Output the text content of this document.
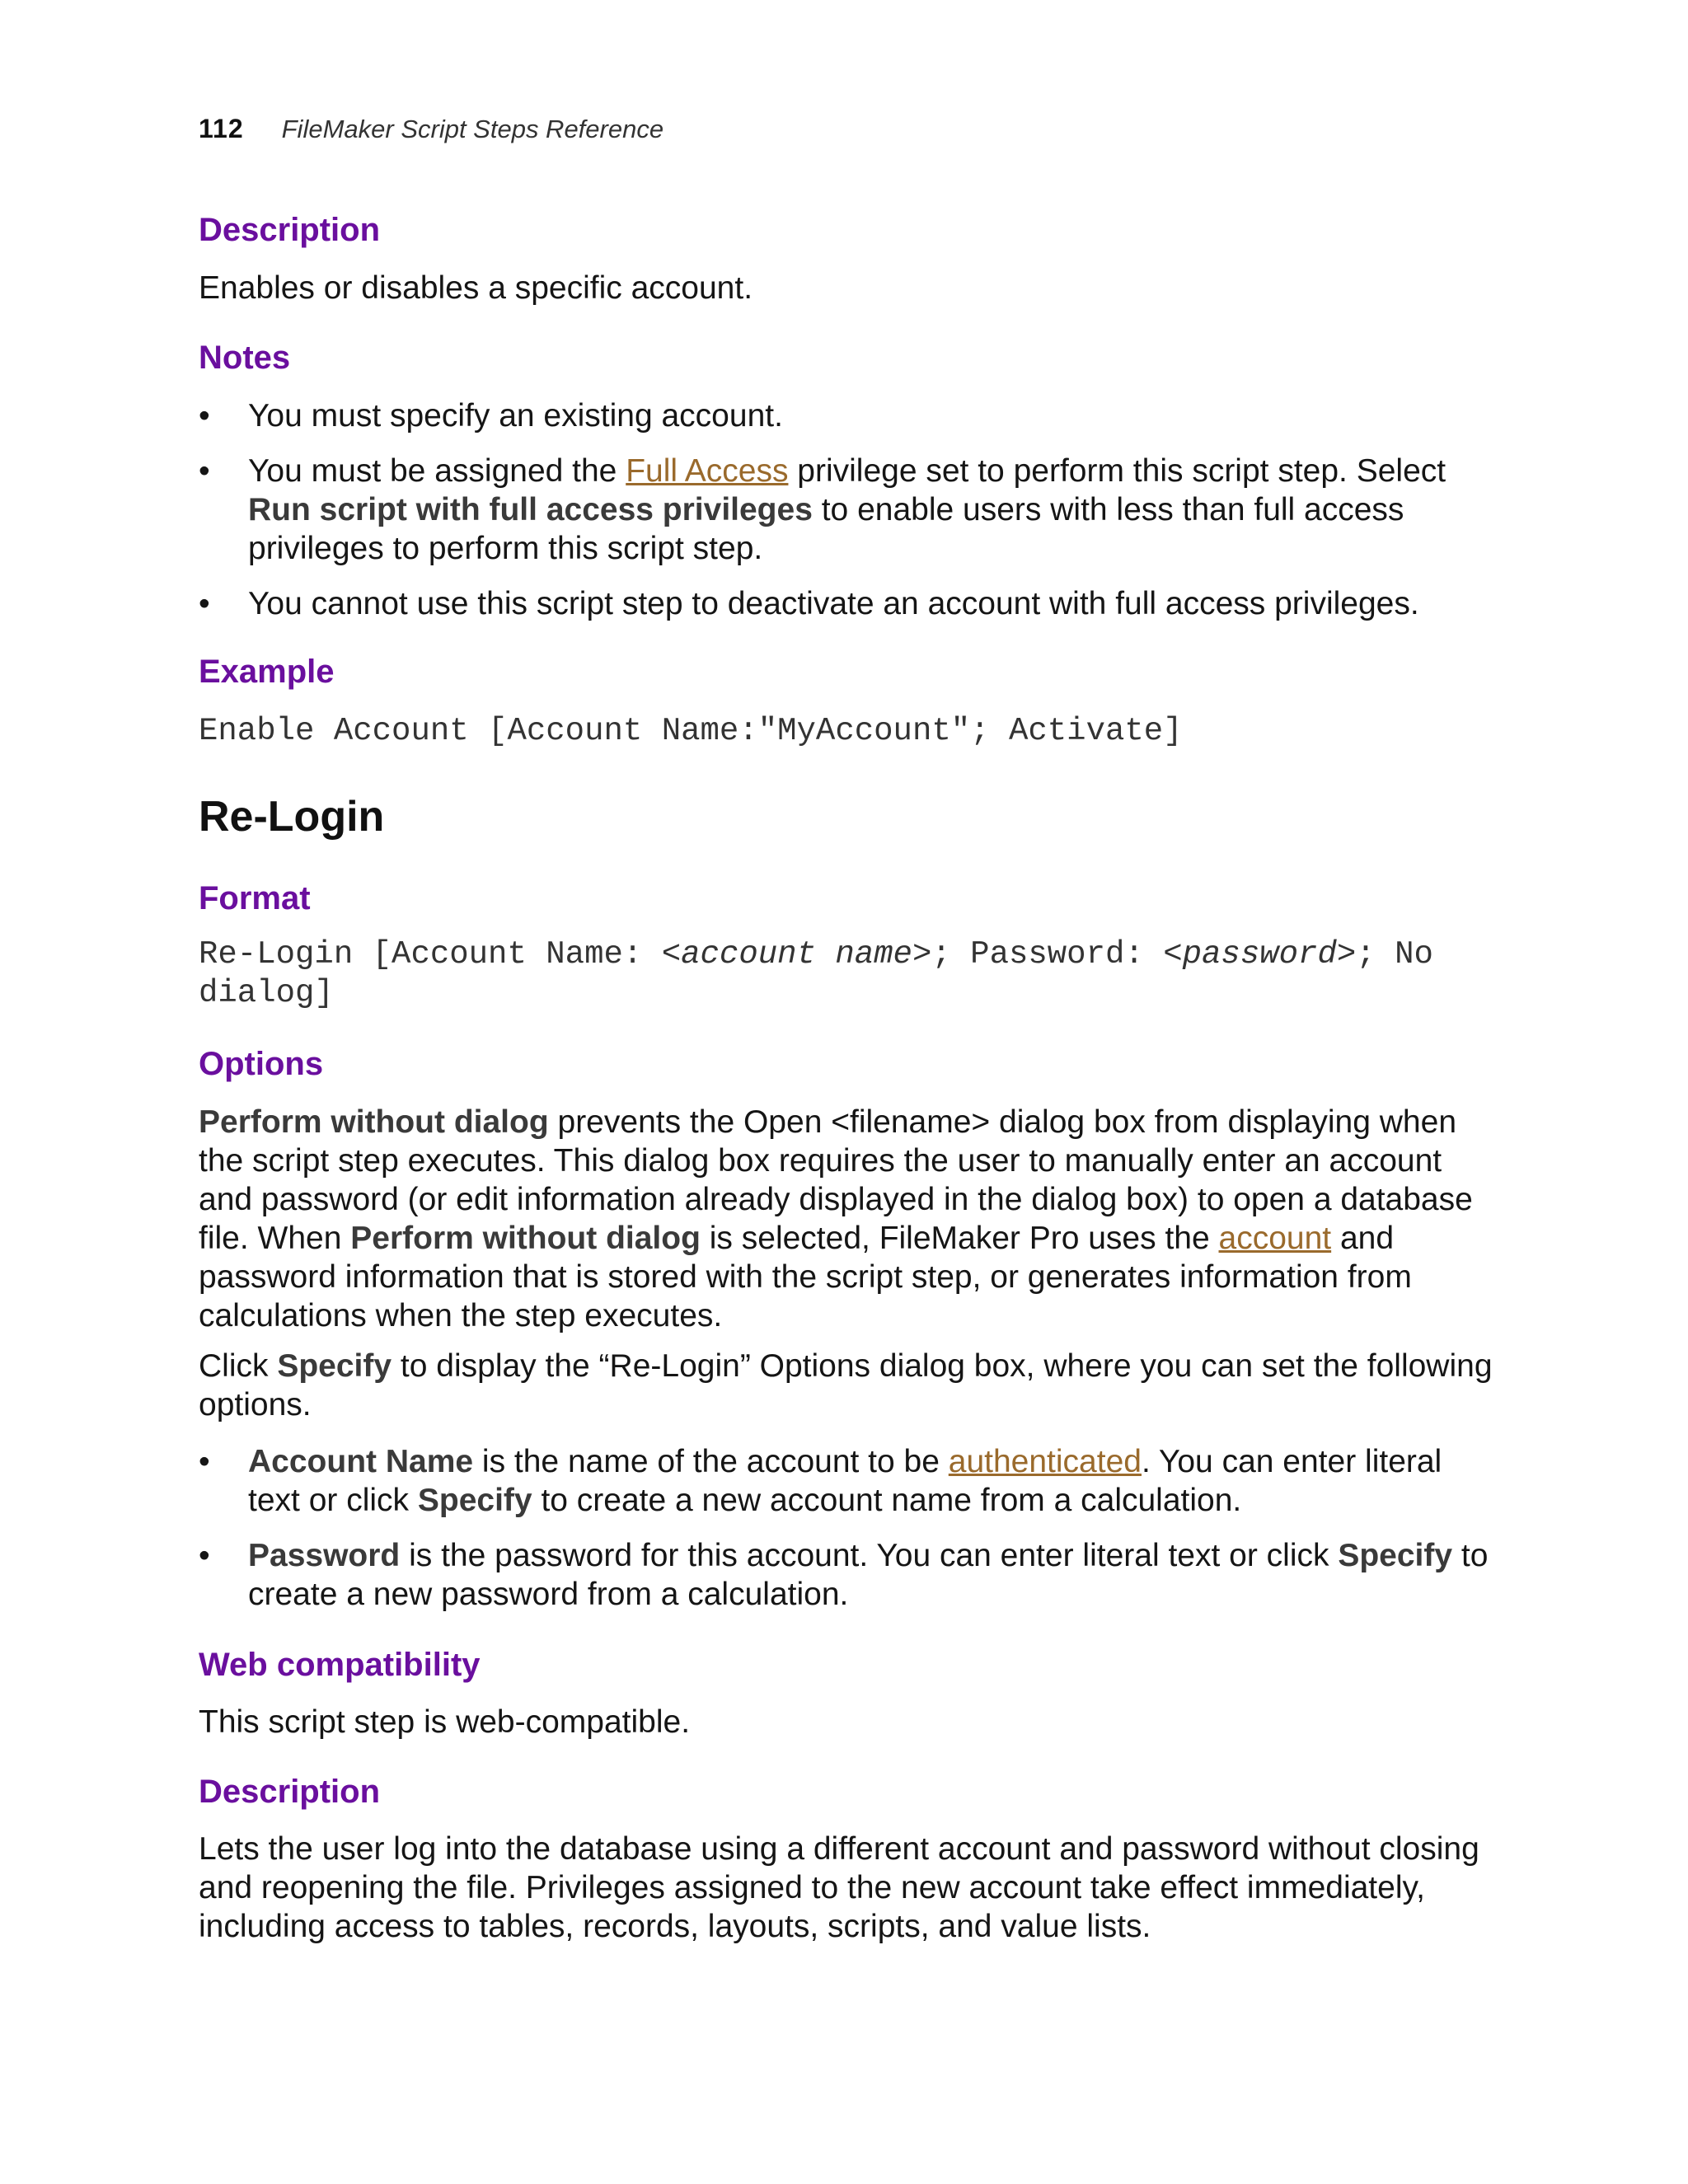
112 FileMaker Script Steps Reference
Description

Enables or disables a specific account.

Notes
• You must specify an existing account.
• You must be assigned the Full Access privilege set to perform this script step. Select Run script with full access privileges to enable users with less than full access privileges to perform this script step.
• You cannot use this script step to deactivate an account with full access privileges.
Example

Enable Account [Account Name:"MyAccount"; Activate]

Re-Login
Format

Re-Login [Account Name: <account name>; Password: <password>; No dialog]

Options

Perform without dialog prevents the Open <filename> dialog box from displaying when the script step executes. This dialog box requires the user to manually enter an account and password (or edit information already displayed in the dialog box) to open a database file. When Perform without dialog is selected, FileMaker Pro uses the account and password information that is stored with the script step, or generates information from calculations when the step executes.

Click Specify to display the “Re-Login” Options dialog box, where you can set the following options.

• Account Name is the name of the account to be authenticated. You can enter literal text or click Specify to create a new account name from a calculation.
• Password is the password for this account. You can enter literal text or click Specify to create a new password from a calculation.
Web compatibility

This script step is web-compatible.

Description

Lets the user log into the database using a different account and password without closing and reopening the file. Privileges assigned to the new account take effect immediately, including access to tables, records, layouts, scripts, and value lists.
